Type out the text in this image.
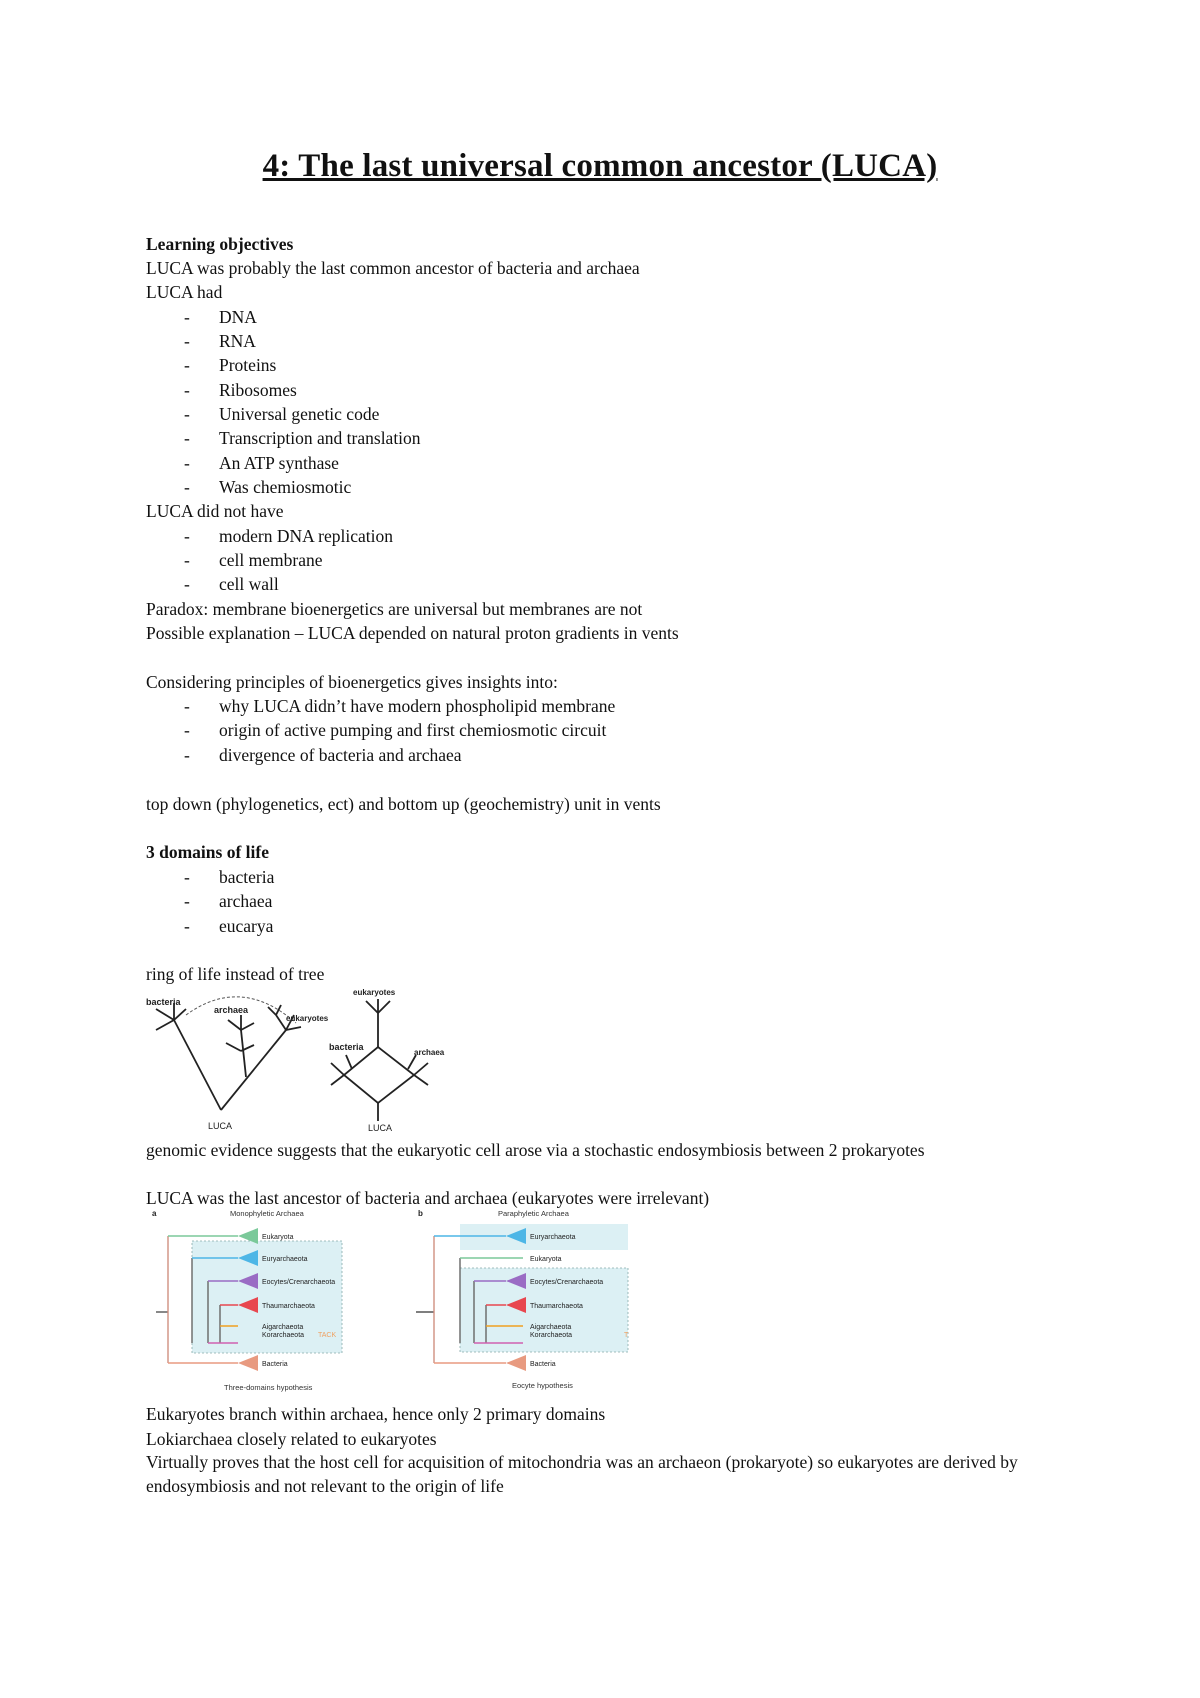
4: The last universal common ancestor (LUCA)
Learning objectives
LUCA was probably the last common ancestor of bacteria and archaea
LUCA had
- DNA
- RNA
- Proteins
- Ribosomes
- Universal genetic code
- Transcription and translation
- An ATP synthase
- Was chemiosmotic
LUCA did not have
- modern DNA replication
- cell membrane
- cell wall
Paradox: membrane bioenergetics are universal but membranes are not
Possible explanation – LUCA depended on natural proton gradients in vents
Considering principles of bioenergetics gives insights into:
- why LUCA didn’t have modern phospholipid membrane
- origin of active pumping and first chemiosmotic circuit
- divergence of bacteria and archaea
top down (phylogenetics, ect) and bottom up (geochemistry) unit in vents
3 domains of life
- bacteria
- archaea
- eucarya
ring of life instead of tree
bacteria
archaea
eukaryotes
LUCA
eukaryotes
bacteria
archaea
LUCA
genomic evidence suggests that the eukaryotic cell arose via a stochastic endosymbiosis between 2 prokaryotes
LUCA was the last ancestor of bacteria and archaea (eukaryotes were irrelevant)
a	Monophyletic Archaea
Eukaryota
Euryarchaeota
Eocytes/Crenarchaeota
Thaumarchaeota
Aigarchaeota
Korarchaeota
Bacteria
TACK
Three-domains hypothesis
b	Paraphyletic Archaea
Euryarchaeota
Eukaryota
Eocytes/Crenarchaeota
Thaumarchaeota
Aigarchaeota
Korarchaeota
Bacteria
T
Eocyte hypothesis
Eukaryotes branch within archaea, hence only 2 primary domains
Lokiarchaea closely related to eukaryotes
Virtually proves that the host cell for acquisition of mitochondria was an archaeon (prokaryote) so eukaryotes are derived by endosymbiosis and not relevant to the origin of life
